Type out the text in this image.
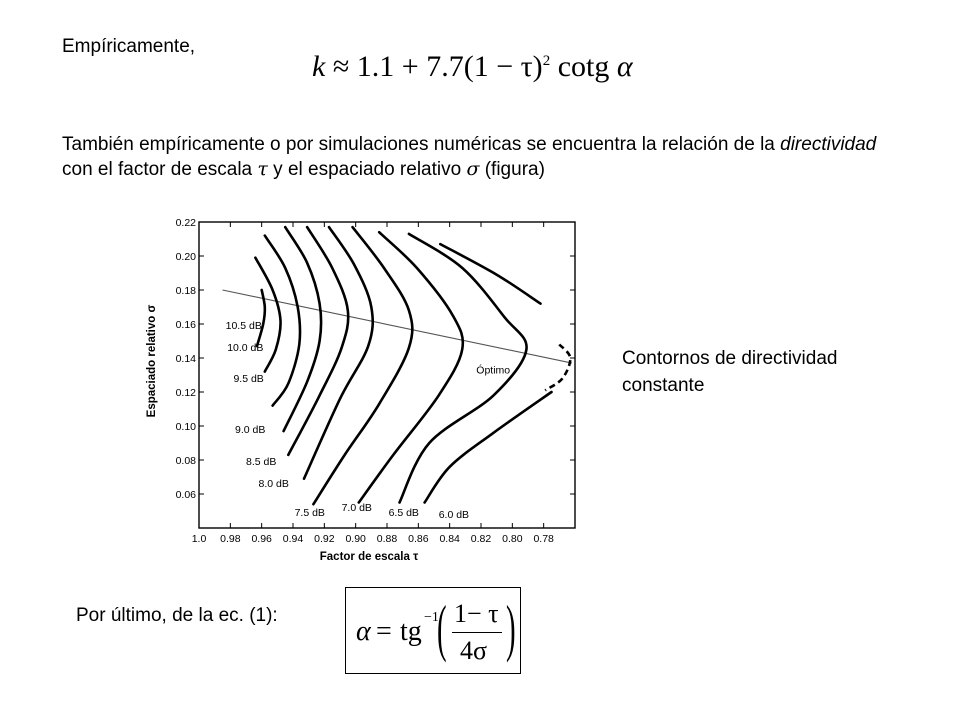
Empíricamente,

$k \approx 1.1 + 7.7(1 - \tau)^2$ cotg α

También empíricamente o por simulaciones numéricas se encuentra la relación de la directividad con el factor de escala τ y el espaciado relativo σ (figura)

1.0 0.98 0.96 0.94 0.92 0.90 0.88 0.86 0.84 0.82 0.80 0.78
0.22
0.20
0.18
0.16
0.14
0.12
0.10
0.08
0.06
Factor de escala τ
Espaciado relativo σ	10.5 dB
10.0 dB
9.5 dB
9.0 dB
8.5 dB
8.0 dB
7.5 dB 7.0 dB 6.5 dB 6.0 dB
Óptimo

Contornos de directividad constante

Por último, de la ec. (1):

α = tg −1
( 1− τ
4σ )
